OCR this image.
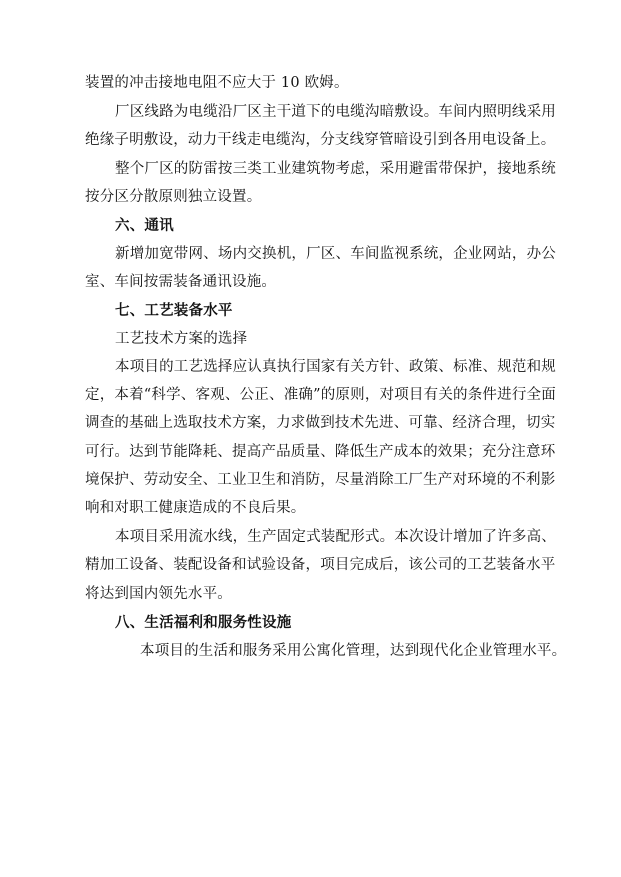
装置的冲击接地电阻不应大于 10 欧姆。
厂区线路为电缆沿厂区主干道下的电缆沟暗敷设。车间内照明线采用
绝缘子明敷设，动力干线走电缆沟，分支线穿管暗设引到各用电设备上。
整个厂区的防雷按三类工业建筑物考虑，采用避雷带保护，接地系统
按分区分散原则独立设置。
六、通讯
新增加宽带网、场内交换机，厂区、车间监视系统，企业网站，办公
室、车间按需装备通讯设施。
七、工艺装备水平
工艺技术方案的选择
本项目的工艺选择应认真执行国家有关方针、政策、标准、规范和规
定，本着“科学、客观、公正、准确”的原则，对项目有关的条件进行全面
调查的基础上选取技术方案，力求做到技术先进、可靠、经济合理，切实
可行。达到节能降耗、提高产品质量、降低生产成本的效果；充分注意环
境保护、劳动安全、工业卫生和消防，尽量消除工厂生产对环境的不利影
响和对职工健康造成的不良后果。
本项目采用流水线，生产固定式装配形式。本次设计增加了许多高、
精加工设备、装配设备和试验设备，项目完成后，该公司的工艺装备水平
将达到国内领先水平。
八、生活福利和服务性设施
本项目的生活和服务采用公寓化管理，达到现代化企业管理水平。
